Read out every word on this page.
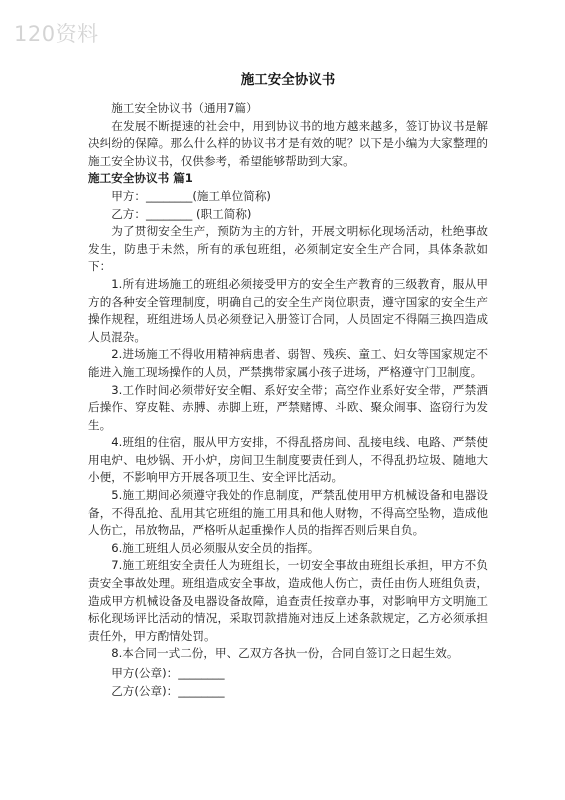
120资料
施工安全协议书

施工安全协议书（通用7篇）

在发展不断提速的社会中，用到协议书的地方越来越多，签订协议书是解决纠纷的保障。那么什么样的协议书才是有效的呢？以下是小编为大家整理的施工安全协议书，仅供参考，希望能够帮助到大家。

施工安全协议书 篇1

甲方：________(施工单位简称)

乙方：________ (职工简称)

为了贯彻安全生产，预防为主的方针，开展文明标化现场活动，杜绝事故发生，防患于未然，所有的承包班组，必须制定安全生产合同，具体条款如下：

1.所有进场施工的班组必须接受甲方的安全生产教育的三级教育，服从甲方的各种安全管理制度，明确自己的安全生产岗位职责，遵守国家的安全生产操作规程，班组进场人员必须登记入册签订合同，人员固定不得隔三换四造成人员混杂。

2.进场施工不得收用精神病患者、弱智、残疾、童工、妇女等国家规定不能进入施工现场操作的人员，严禁携带家属小孩子进场，严格遵守门卫制度。

3.工作时间必须带好安全帽、系好安全带；高空作业系好安全带，严禁酒后操作、穿皮鞋、赤膊、赤脚上班，严禁赌博、斗欧、聚众闹事、盗窃行为发生。

4.班组的住宿，服从甲方安排，不得乱搭房间、乱接电线、电路、严禁使用电炉、电炒锅、开小炉，房间卫生制度要责任到人，不得乱扔垃圾、随地大小便，不影响甲方开展各项卫生、安全评比活动。

5.施工期间必须遵守我处的作息制度，严禁乱使用甲方机械设备和电器设备，不得乱抢、乱用其它班组的施工用具和他人财物，不得高空坠物，造成他人伤亡，吊放物品，严格听从起重操作人员的指挥否则后果自负。

6.施工班组人员必须服从安全员的指挥。

7.施工班组安全责任人为班组长，一切安全事故由班组长承担，甲方不负责安全事故处理。班组造成安全事故，造成他人伤亡，责任由伤人班组负责，造成甲方机械设备及电器设备故障，追查责任按章办事，对影响甲方文明施工标化现场评比活动的情况，采取罚款措施对违反上述条款规定，乙方必须承担责任外，甲方酌情处罚。

8.本合同一式二份，甲、乙双方各执一份，合同自签订之日起生效。

甲方(公章)：________

乙方(公章)：________
